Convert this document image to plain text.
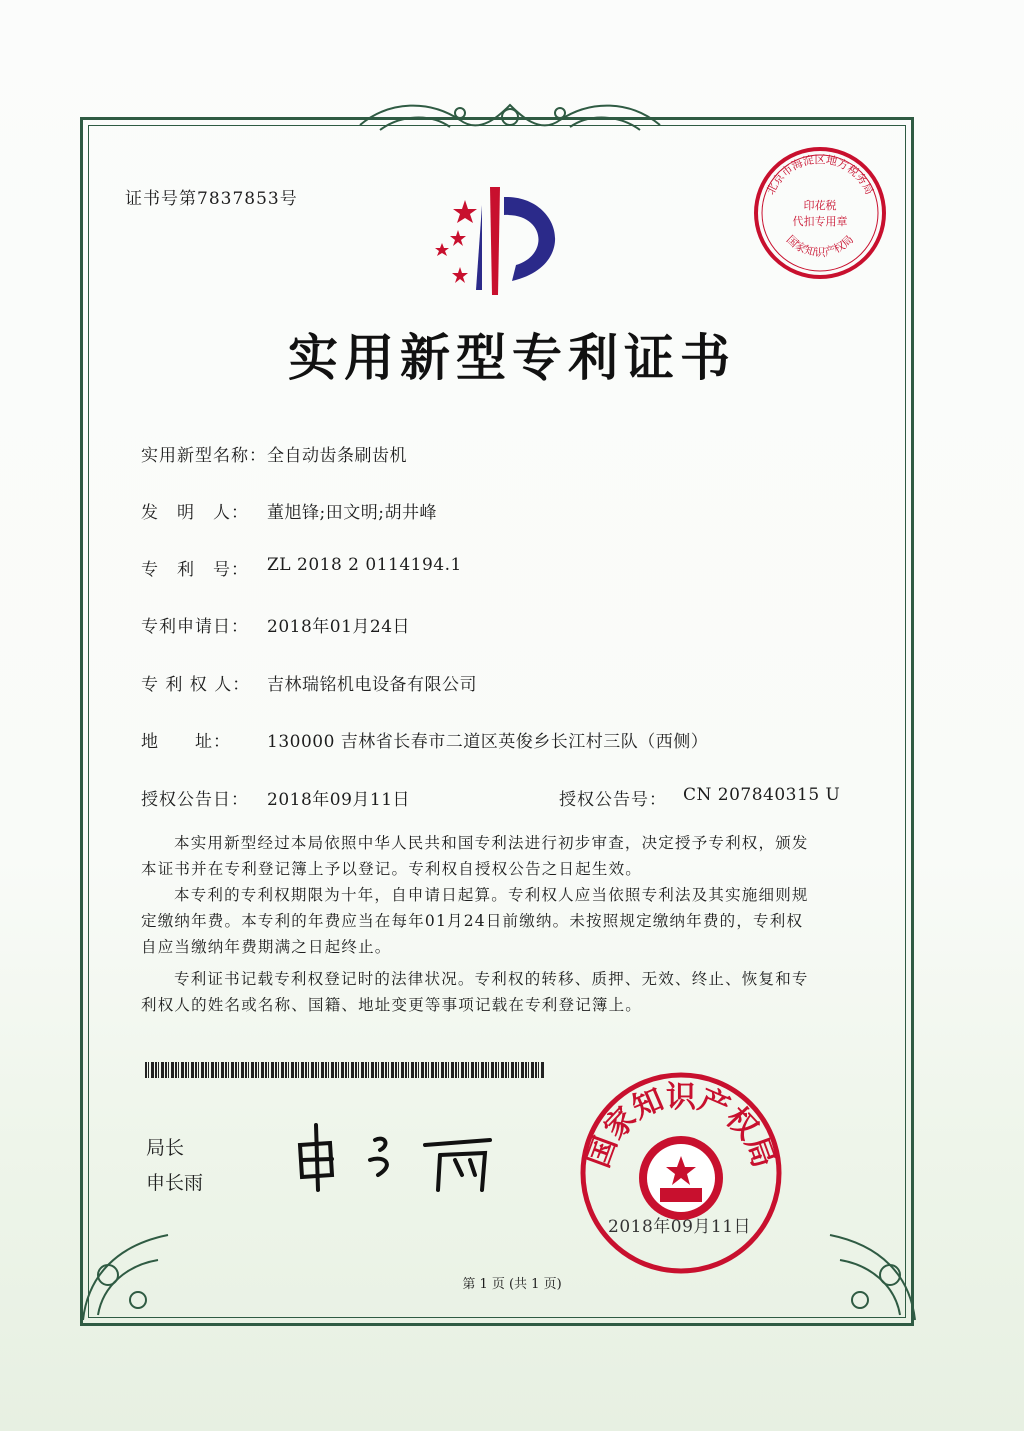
证书号第7837853号
北京市海淀区地方税务局
印花税
代扣专用章
国家知识产权局
实用新型专利证书
实用新型名称： 全自动齿条刷齿机
发　明　人： 董旭锋;田文明;胡井峰
专　利　号： ZL 2018 2 0114194.1
专利申请日： 2018年01月24日
专 利 权 人： 吉林瑞铭机电设备有限公司
地　　址： 130000 吉林省长春市二道区英俊乡长江村三队（西侧）
授权公告日： 2018年09月11日	授权公告号： CN 207840315 U
本实用新型经过本局依照中华人民共和国专利法进行初步审查，决定授予专利权，颁发
本证书并在专利登记簿上予以登记。专利权自授权公告之日起生效。
本专利的专利权期限为十年，自申请日起算。专利权人应当依照专利法及其实施细则规
定缴纳年费。本专利的年费应当在每年01月24日前缴纳。未按照规定缴纳年费的，专利权
自应当缴纳年费期满之日起终止。
专利证书记载专利权登记时的法律状况。专利权的转移、质押、无效、终止、恢复和专
利权人的姓名或名称、国籍、地址变更等事项记载在专利登记簿上。
局长
申长雨
国家知识产权局
2018年09月11日
第 1 页 (共 1 页)
